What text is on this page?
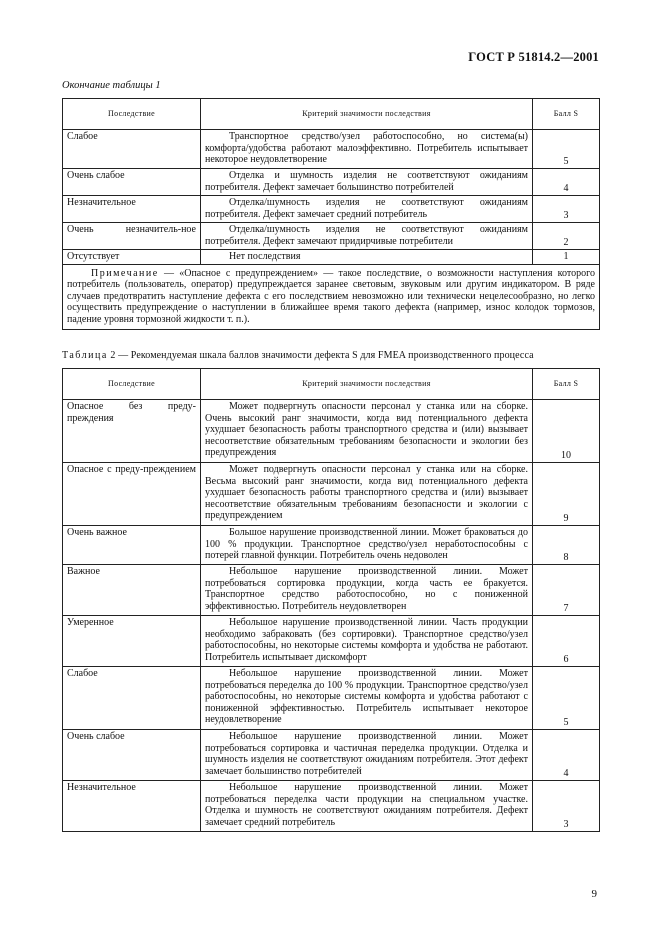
ГОСТ Р 51814.2—2001
Окончание таблицы 1
Последствие	Критерий значимости последствия	Балл S
Слабое	Транспортное средство/узел работоспособно, но система(ы) комфорта/удобства работают малоэффективно. Потребитель испытывает некоторое неудовлетворение	5
Очень слабое	Отделка и шумность изделия не соответствуют ожиданиям потребителя. Дефект замечает большинство потребителей	4
Незначительное	Отделка/шумность изделия не соответствуют ожиданиям потребителя. Дефект замечает средний потребитель	3
Очень незначитель-ное	Отделка/шумность изделия не соответствуют ожиданиям потребителя. Дефект замечают придирчивые потребители	2
Отсутствует	Нет последствия	1
Примечание — «Опасное с предупреждением» — такое последствие, о возможности наступления которого потребитель (пользователь, оператор) предупреждается заранее световым, звуковым или другим индикатором. В ряде случаев предотвратить наступление дефекта с его последствием невозможно или технически нецелесообразно, но легко осуществить предупреждение о наступлении в ближайшее время такого дефекта (например, износ колодок тормозов, падение уровня тормозной жидкости т. п.).		
Таблица 2 — Рекомендуемая шкала баллов значимости дефекта S для FMEA производственного процесса
Последствие	Критерий значимости последствия	Балл S
Опасное без преду-преждения	Может подвергнуть опасности персонал у станка или на сборке. Очень высокий ранг значимости, когда вид потенциального дефекта ухудшает безопасность работы транспортного средства и (или) вызывает несоответствие обязательным требованиям безопасности и экологии без предупреждения	10
Опасное с преду-преждением	Может подвергнуть опасности персонал у станка или на сборке. Весьма высокий ранг значимости, когда вид потенциального дефекта ухудшает безопасность работы транспортного средства и (или) вызывает несоответствие обязательным требованиям безопасности и экологии с предупреждением	9
Очень важное	Большое нарушение производственной линии. Может браковаться до 100 % продукции. Транспортное средство/узел неработоспособны с потерей главной функции. Потребитель очень недоволен	8
Важное	Небольшое нарушение производственной линии. Может потребоваться сортировка продукции, когда часть ее бракуется. Транспортное средство работоспособно, но с пониженной эффективностью. Потребитель неудовлетворен	7
Умеренное	Небольшое нарушение производственной линии. Часть продукции необходимо забраковать (без сортировки). Транспортное средство/узел работоспособны, но некоторые системы комфорта и удобства не работают. Потребитель испытывает дискомфорт	6
Слабое	Небольшое нарушение производственной линии. Может потребоваться переделка до 100 % продукции. Транспортное средство/узел работоспособны, но некоторые системы комфорта и удобства работают с пониженной эффективностью. Потребитель испытывает некоторое неудовлетворение	5
Очень слабое	Небольшое нарушение производственной линии. Может потребоваться сортировка и частичная переделка продукции. Отделка и шумность изделия не соответствуют ожиданиям потребителя. Этот дефект замечает большинство потребителей	4
Незначительное	Небольшое нарушение производственной линии. Может потребоваться переделка части продукции на специальном участке. Отделка и шумность не соответствуют ожиданиям потребителя. Дефект замечает средний потребитель	3
9
